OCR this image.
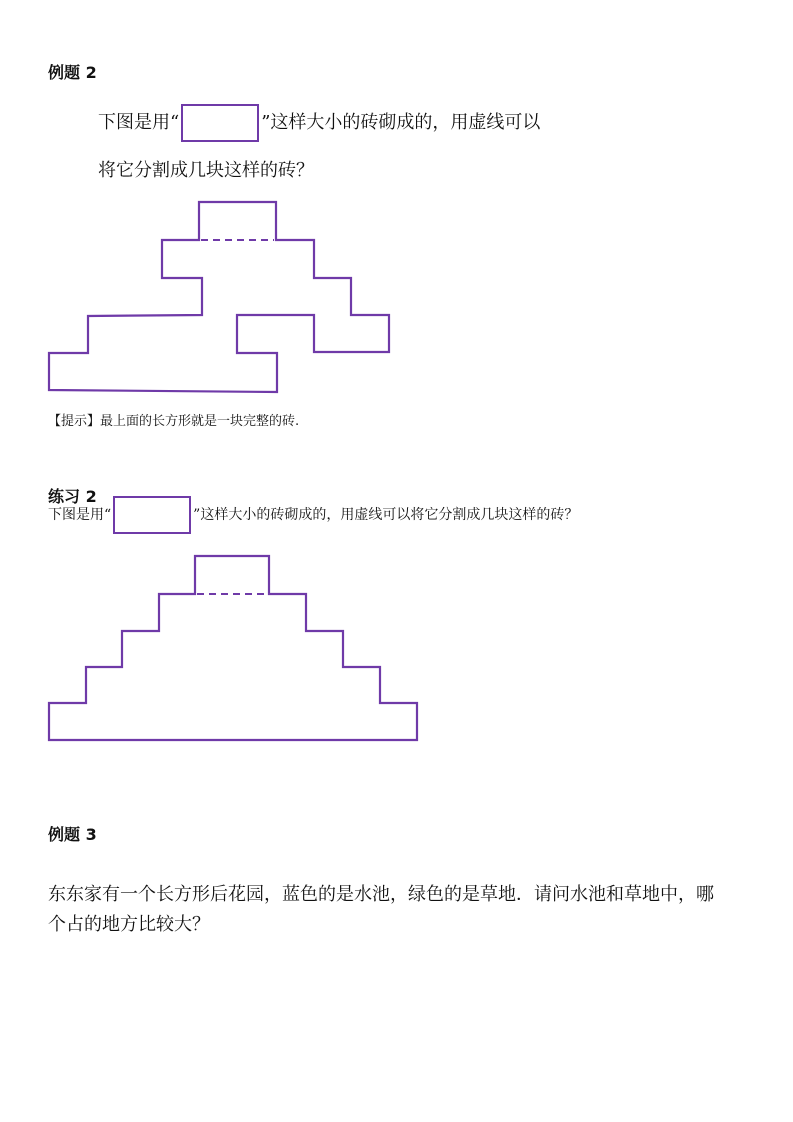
例题 2
下图是用“	”这样大小的砖砌成的，用虚线可以
将它分割成几块这样的砖？
【提示】最上面的长方形就是一块完整的砖.
练习 2
下图是用“	”这样大小的砖砌成的，用虚线可以将它分割成几块这样的砖？
例题 3
东东家有一个长方形后花园，蓝色的是水池，绿色的是草地．请问水池和草地中，哪
个占的地方比较大？
